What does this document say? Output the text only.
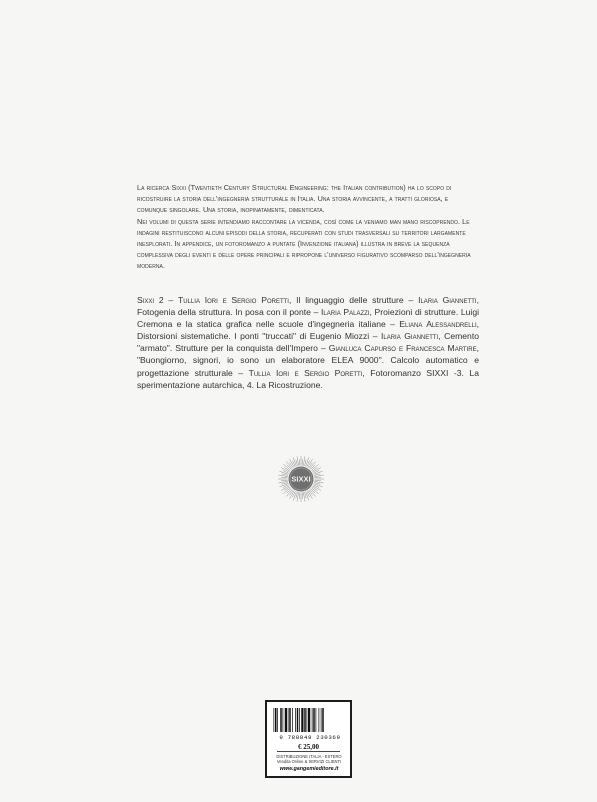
La ricerca Sixxi (Twentieth Century Structural Engineering: the Italian contribution) ha lo scopo di ricostruire la storia dell'ingegneria strutturale in Italia. Una storia avvincente, a tratti gloriosa, e comunque singolare. Una storia, inopinatamente, dimenticata.

Nei volumi di questa serie intendiamo raccontare la vicenda, così come la veniamo man mano riscoprendo. Le indagini restituiscono alcuni episodi della storia, recuperati con studi trasversali su territori largamente inesplorati. In appendice, un fotoromanzo a puntate (Invenzione italiana) illustra in breve la sequenza complessiva degli eventi e delle opere principali e ripropone l'universo figurativo scomparso dell'ingegneria moderna.

Sixxi 2 – Tullia Iori e Sergio Poretti, Il linguaggio delle strutture – Ilaria Giannetti, Fotogenia della struttura. In posa con il ponte – Ilaria Palazzi, Proiezioni di strutture. Luigi Cremona e la statica grafica nelle scuole d'ingegneria italiane – Eliana Alessandrelli, Distorsioni sistematiche. I ponti "truccati" di Eugenio Miozzi – Ilaria Giannetti, Cemento "armato". Strutture per la conquista dell'Impero – Gianluca Capurso e Francesca Martire, "Buongiorno, signori, io sono un elaboratore ELEA 9000". Calcolo automatico e progettazione strutturale – Tullia Iori e Sergio Poretti, Fotoromanzo SIXXI -3. La sperimentazione autarchica, 4. La Ricostruzione.
SIXXI
9 788849 230369
€ 25,00
DISTRIBUZIONE ITALIA - ESTERO
Vendita Online & SERVIZI CLIENTI
www.gangemieditore.it
